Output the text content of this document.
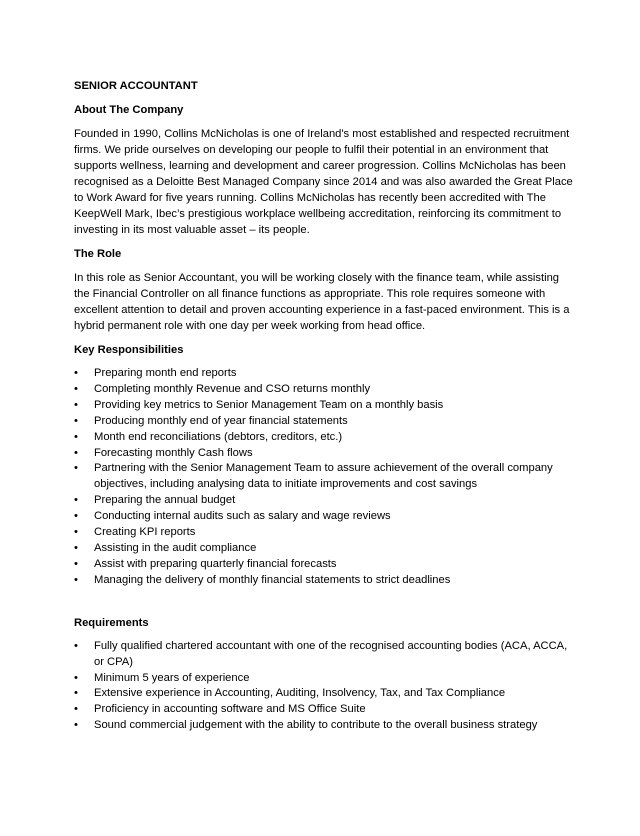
SENIOR ACCOUNTANT
About The Company

Founded in 1990, Collins McNicholas is one of Ireland's most established and respected recruitment firms. We pride ourselves on developing our people to fulfil their potential in an environment that supports wellness, learning and development and career progression. Collins McNicholas has been recognised as a Deloitte Best Managed Company since 2014 and was also awarded the Great Place to Work Award for five years running. Collins McNicholas has recently been accredited with The KeepWell Mark, Ibec’s prestigious workplace wellbeing accreditation, reinforcing its commitment to investing in its most valuable asset – its people.

The Role

In this role as Senior Accountant, you will be working closely with the finance team, while assisting the Financial Controller on all finance functions as appropriate. This role requires someone with excellent attention to detail and proven accounting experience in a fast-paced environment. This is a hybrid permanent role with one day per week working from head office.

Key Responsibilities
•	Preparing month end reports
•	Completing monthly Revenue and CSO returns monthly
•	Providing key metrics to Senior Management Team on a monthly basis
•	Producing monthly end of year financial statements
•	Month end reconciliations (debtors, creditors, etc.)
•	Forecasting monthly Cash flows
•	Partnering with the Senior Management Team to assure achievement of the overall company objectives, including analysing data to initiate improvements and cost savings
•	Preparing the annual budget
•	Conducting internal audits such as salary and wage reviews
•	Creating KPI reports
•	Assisting in the audit compliance
•	Assist with preparing quarterly financial forecasts
•	Managing the delivery of monthly financial statements to strict deadlines
Requirements
•	Fully qualified chartered accountant with one of the recognised accounting bodies (ACA, ACCA, or CPA)
•	Minimum 5 years of experience
•	Extensive experience in Accounting, Auditing, Insolvency, Tax, and Tax Compliance
•	Proficiency in accounting software and MS Office Suite
•	Sound commercial judgement with the ability to contribute to the overall business strategy
